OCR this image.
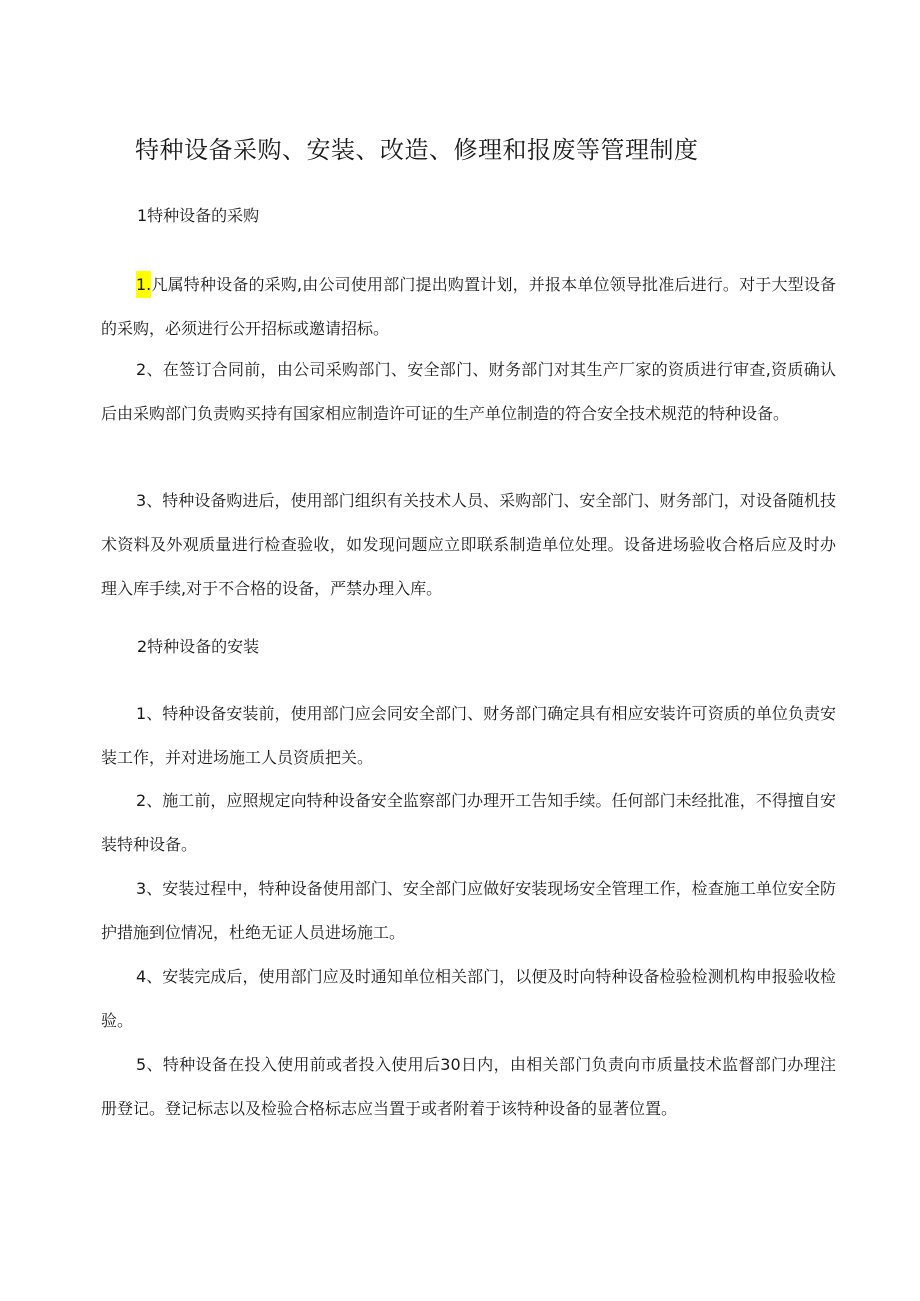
特种设备采购、安装、改造、修理和报废等管理制度
1特种设备的采购

1.凡属特种设备的采购,由公司使用部门提出购置计划，并报本单位领导批准后进行。对于大型设备的采购，必须进行公开招标或邀请招标。

2、在签订合同前，由公司采购部门、安全部门、财务部门对其生产厂家的资质进行审查,资质确认后由采购部门负责购买持有国家相应制造许可证的生产单位制造的符合安全技术规范的特种设备。

3、特种设备购进后，使用部门组织有关技术人员、采购部门、安全部门、财务部门，对设备随机技术资料及外观质量进行检查验收，如发现问题应立即联系制造单位处理。设备进场验收合格后应及时办理入库手续,对于不合格的设备，严禁办理入库。

2特种设备的安装

1、特种设备安装前，使用部门应会同安全部门、财务部门确定具有相应安装许可资质的单位负责安装工作，并对进场施工人员资质把关。

2、施工前，应照规定向特种设备安全监察部门办理开工告知手续。任何部门未经批准，不得擅自安装特种设备。

3、安装过程中，特种设备使用部门、安全部门应做好安装现场安全管理工作，检查施工单位安全防护措施到位情况，杜绝无证人员进场施工。

4、安装完成后，使用部门应及时通知单位相关部门，以便及时向特种设备检验检测机构申报验收检验。

5、特种设备在投入使用前或者投入使用后30日内，由相关部门负责向市质量技术监督部门办理注册登记。登记标志以及检验合格标志应当置于或者附着于该特种设备的显著位置。
